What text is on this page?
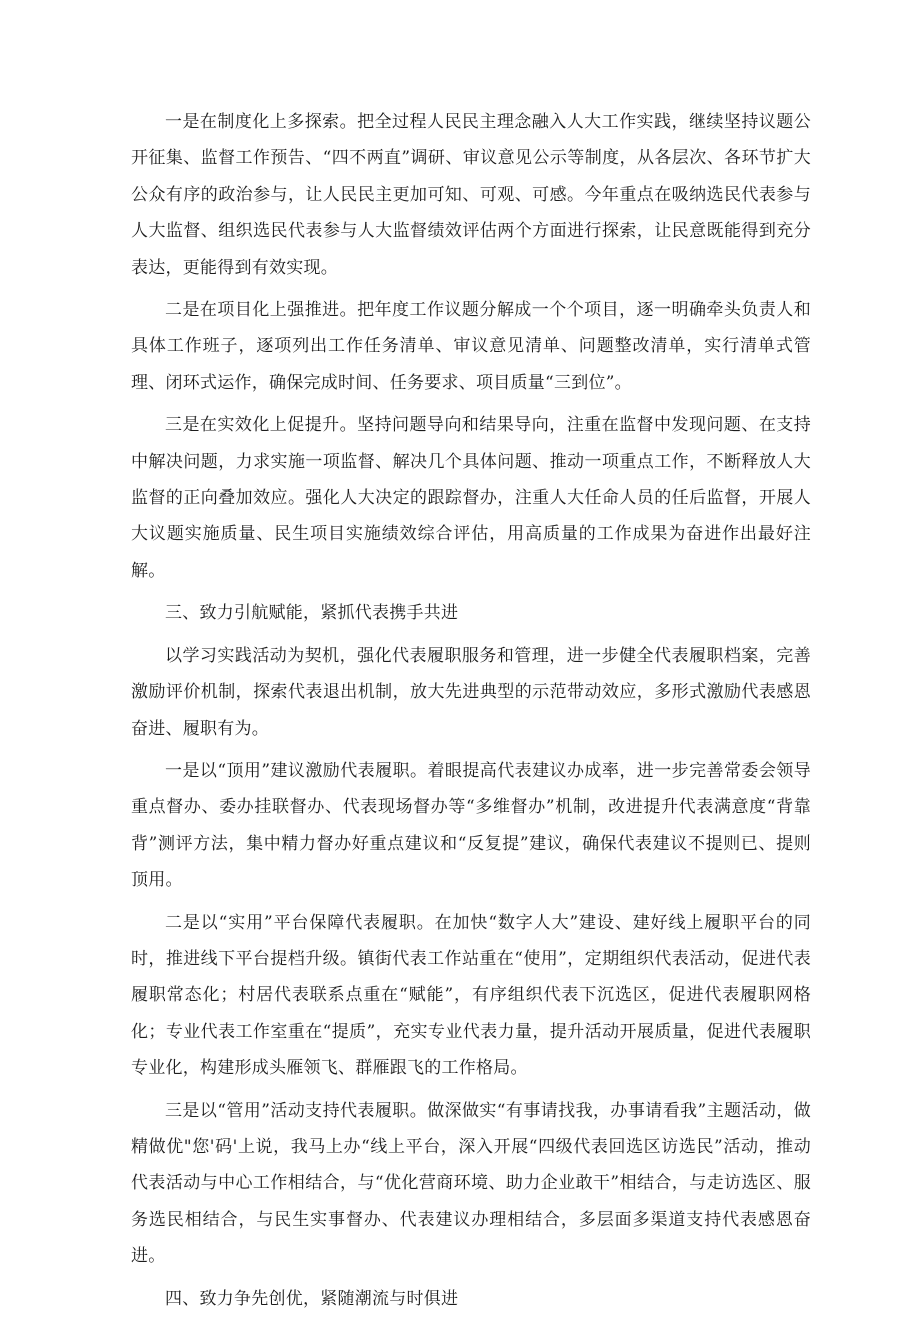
一是在制度化上多探索。把全过程人民民主理念融入人大工作实践，继续坚持议题公开征集、监督工作预告、“四不两直”调研、审议意见公示等制度，从各层次、各环节扩大公众有序的政治参与，让人民民主更加可知、可观、可感。今年重点在吸纳选民代表参与人大监督、组织选民代表参与人大监督绩效评估两个方面进行探索，让民意既能得到充分表达，更能得到有效实现。

二是在项目化上强推进。把年度工作议题分解成一个个项目，逐一明确牵头负责人和具体工作班子，逐项列出工作任务清单、审议意见清单、问题整改清单，实行清单式管理、闭环式运作，确保完成时间、任务要求、项目质量“三到位”。

三是在实效化上促提升。坚持问题导向和结果导向，注重在监督中发现问题、在支持中解决问题，力求实施一项监督、解决几个具体问题、推动一项重点工作，不断释放人大监督的正向叠加效应。强化人大决定的跟踪督办，注重人大任命人员的任后监督，开展人大议题实施质量、民生项目实施绩效综合评估，用高质量的工作成果为奋进作出最好注解。

三、致力引航赋能，紧抓代表携手共进

以学习实践活动为契机，强化代表履职服务和管理，进一步健全代表履职档案，完善激励评价机制，探索代表退出机制，放大先进典型的示范带动效应，多形式激励代表感恩奋进、履职有为。

一是以“顶用”建议激励代表履职。着眼提高代表建议办成率，进一步完善常委会领导重点督办、委办挂联督办、代表现场督办等“多维督办”机制，改进提升代表满意度“背靠背”测评方法，集中精力督办好重点建议和“反复提”建议，确保代表建议不提则已、提则顶用。

二是以“实用”平台保障代表履职。在加快“数字人大”建设、建好线上履职平台的同时，推进线下平台提档升级。镇街代表工作站重在“使用”，定期组织代表活动，促进代表履职常态化；村居代表联系点重在“赋能”，有序组织代表下沉选区，促进代表履职网格化；专业代表工作室重在“提质”，充实专业代表力量，提升活动开展质量，促进代表履职专业化，构建形成头雁领飞、群雁跟飞的工作格局。

三是以“管用”活动支持代表履职。做深做实“有事请找我，办事请看我”主题活动，做精做优"您'码'上说，我马上办“线上平台，深入开展“四级代表回选区访选民”活动，推动代表活动与中心工作相结合，与“优化营商环境、助力企业敢干”相结合，与走访选区、服务选民相结合，与民生实事督办、代表建议办理相结合，多层面多渠道支持代表感恩奋进。

四、致力争先创优，紧随潮流与时俱进
